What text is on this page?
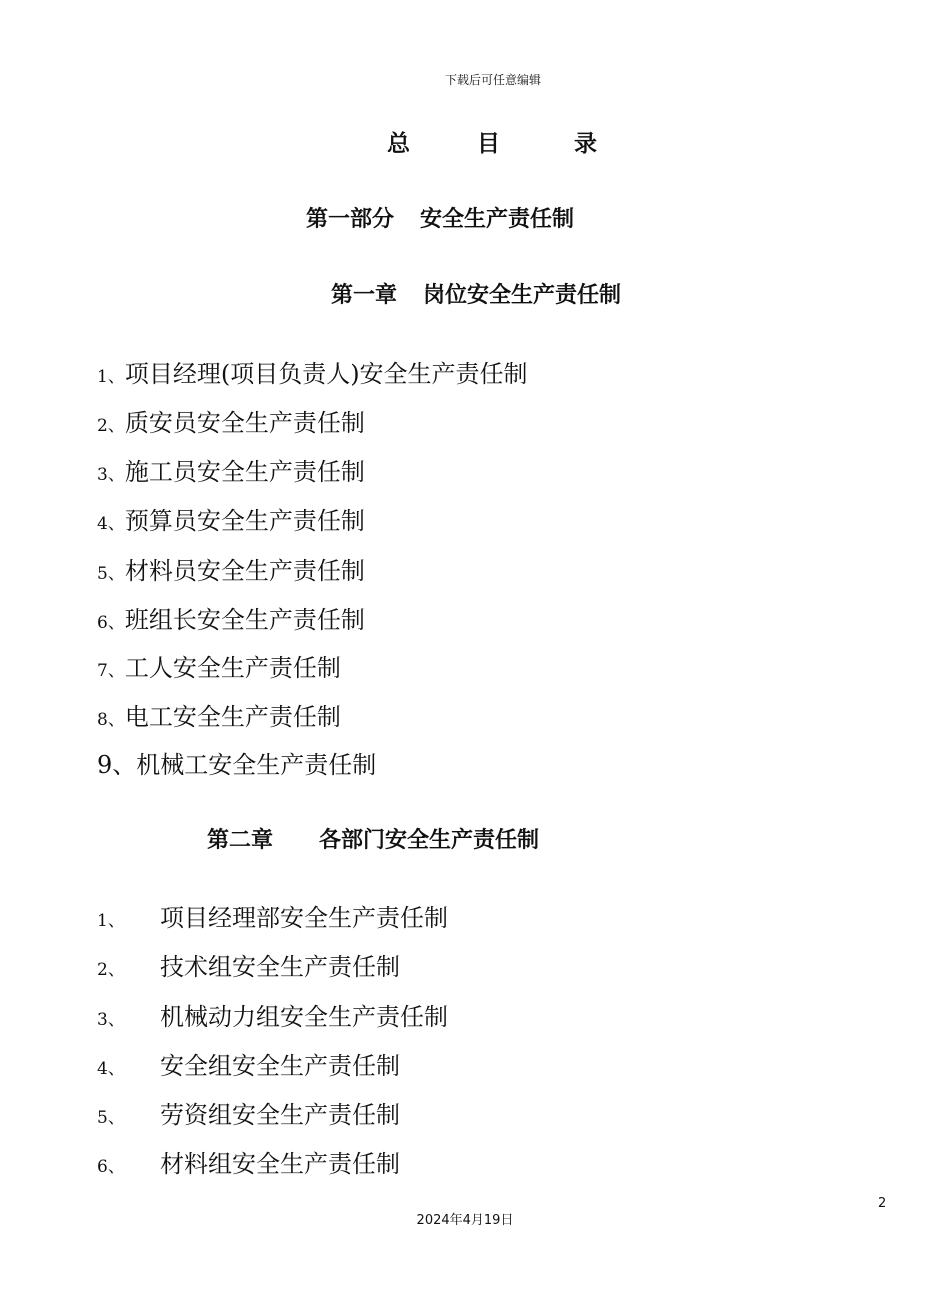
下载后可任意编辑
总	目	录
第一部分 安全生产责任制
第一章 岗位安全生产责任制
1、项目经理(项目负责人)安全生产责任制
2、质安员安全生产责任制
3、施工员安全生产责任制
4、预算员安全生产责任制
5、材料员安全生产责任制
6、班组长安全生产责任制
7、工人安全生产责任制
8、电工安全生产责任制
9、机械工安全生产责任制
第二章 各部门安全生产责任制
1、 项目经理部安全生产责任制
2、 技术组安全生产责任制
3、 机械动力组安全生产责任制
4、 安全组安全生产责任制
5、 劳资组安全生产责任制
6、 材料组安全生产责任制
2
2024年4月19日
